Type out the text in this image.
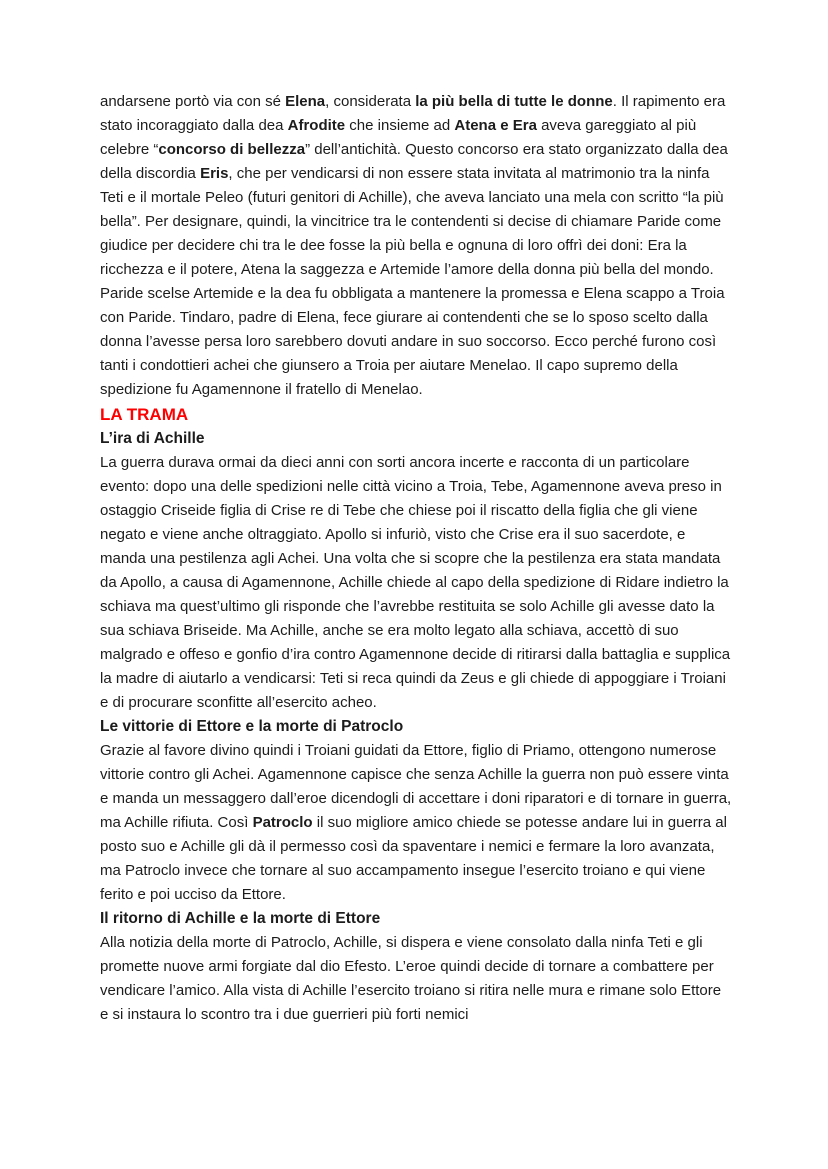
andarsene portò via con sé Elena, considerata la più bella di tutte le donne. Il rapimento era stato incoraggiato dalla dea Afrodite che insieme ad Atena e Era aveva gareggiato al più celebre “concorso di bellezza” dell’antichità. Questo concorso era stato organizzato dalla dea della discordia Eris, che per vendicarsi di non essere stata invitata al matrimonio tra la ninfa Teti e il mortale Peleo (futuri genitori di Achille), che aveva lanciato una mela con scritto “la più bella”. Per designare, quindi, la vincitrice tra le contendenti si decise di chiamare Paride come giudice per decidere chi tra le dee fosse la più bella e ognuna di loro offrì dei doni: Era la ricchezza e il potere, Atena la saggezza e Artemide l’amore della donna più bella del mondo. Paride scelse Artemide e la dea fu obbligata a mantenere la promessa e Elena scappo a Troia con Paride. Tindaro, padre di Elena, fece giurare ai contendenti che se lo sposo scelto dalla donna l’avesse persa loro sarebbero dovuti andare in suo soccorso. Ecco perché furono così tanti i condottieri achei che giunsero a Troia per aiutare Menelao. Il capo supremo della spedizione fu Agamennone il fratello di Menelao.
LA TRAMA
L’ira di Achille
La guerra durava ormai da dieci anni con sorti ancora incerte e racconta di un particolare evento: dopo una delle spedizioni nelle città vicino a Troia, Tebe, Agamennone aveva preso in ostaggio Criseide figlia di Crise re di Tebe che chiese poi il riscatto della figlia che gli viene negato e viene anche oltraggiato. Apollo si infuriò, visto che Crise era il suo sacerdote, e manda una pestilenza agli Achei. Una volta che si scopre che la pestilenza era stata mandata da Apollo, a causa di Agamennone, Achille chiede al capo della spedizione di Ridare indietro la schiava ma quest’ultimo gli risponde che l’avrebbe restituita se solo Achille gli avesse dato la sua schiava Briseide. Ma Achille, anche se era molto legato alla schiava, accettò di suo malgrado e offeso e gonfio d’ira contro Agamennone decide di ritirarsi dalla battaglia e supplica la madre di aiutarlo a vendicarsi: Teti si reca quindi da Zeus e gli chiede di appoggiare i Troiani e di procurare sconfitte all’esercito acheo.
Le vittorie di Ettore e la morte di Patroclo
Grazie al favore divino quindi i Troiani guidati da Ettore, figlio di Priamo, ottengono numerose vittorie contro gli Achei. Agamennone capisce che senza Achille la guerra non può essere vinta e manda un messaggero dall’eroe dicendogli di accettare i doni riparatori e di tornare in guerra, ma Achille rifiuta. Così Patroclo il suo migliore amico chiede se potesse andare lui in guerra al posto suo e Achille gli dà il permesso così da spaventare i nemici e fermare la loro avanzata, ma Patroclo invece che tornare al suo accampamento insegue l’esercito troiano e qui viene ferito e poi ucciso da Ettore.
Il ritorno di Achille e la morte di Ettore
Alla notizia della morte di Patroclo, Achille, si dispera e viene consolato dalla ninfa Teti e gli promette nuove armi forgiate dal dio Efesto. L’eroe quindi decide di tornare a combattere per vendicare l’amico. Alla vista di Achille l’esercito troiano si ritira nelle mura e rimane solo Ettore e si instaura lo scontro tra i due guerrieri più forti nemici
